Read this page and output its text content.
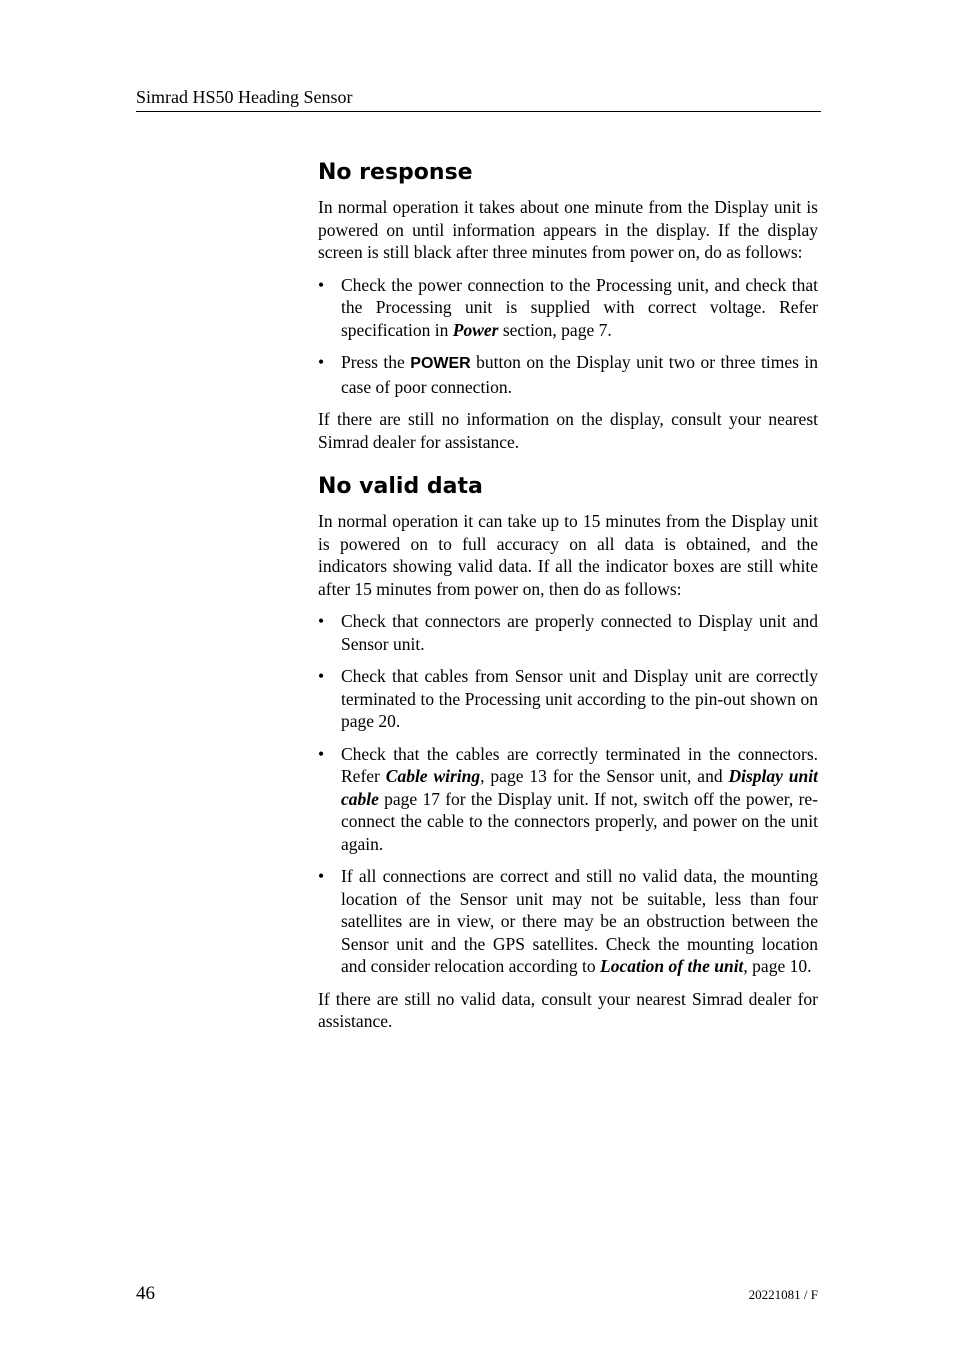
Simrad HS50 Heading Sensor
No response

In normal operation it takes about one minute from the Display unit is powered on until information appears in the display. If the display screen is still black after three minutes from power on, do as follows:

• Check the power connection to the Processing unit, and check that the Processing unit is supplied with correct voltage. Refer specification in Power section, page 7.
• Press the POWER button on the Display unit two or three times in case of poor connection.

If there are still no information on the display, consult your nearest Simrad dealer for assistance.

No valid data

In normal operation it can take up to 15 minutes from the Display unit is powered on to full accuracy on all data is obtained, and the indicators showing valid data. If all the indicator boxes are still white after 15 minutes from power on, then do as follows:

• Check that connectors are properly connected to Display unit and Sensor unit.
• Check that cables from Sensor unit and Display unit are correctly terminated to the Processing unit according to the pin-out shown on page 20.
• Check that the cables are correctly terminated in the connectors. Refer Cable wiring, page 13 for the Sensor unit, and Display unit cable page 17 for the Display unit. If not, switch off the power, re-connect the cable to the connectors properly, and power on the unit again.
• If all connections are correct and still no valid data, the mounting location of the Sensor unit may not be suitable, less than four satellites are in view, or there may be an obstruction between the Sensor unit and the GPS satellites. Check the mounting location and consider relocation according to Location of the unit, page 10.

If there are still no valid data, consult your nearest Simrad dealer for assistance.

46	20221081 / F
